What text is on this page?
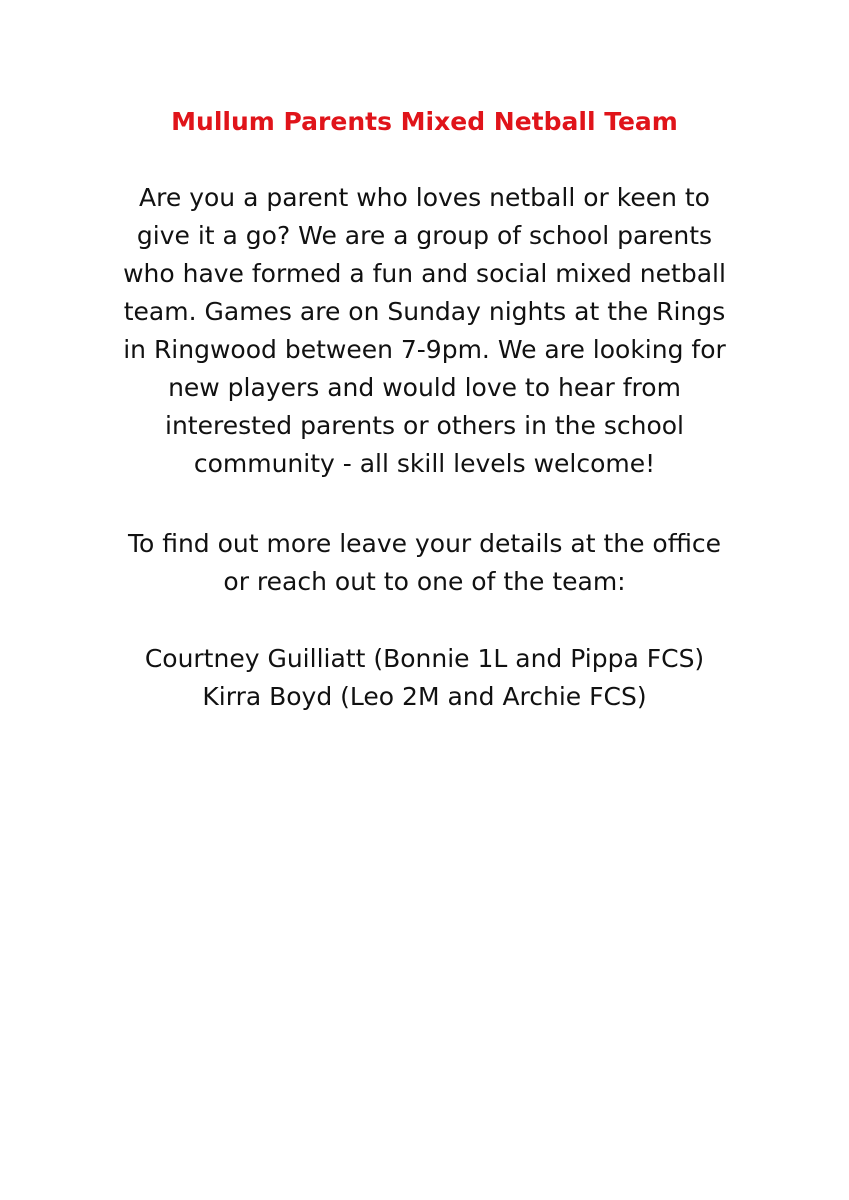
Mullum Parents Mixed Netball Team

Are you a parent who loves netball or keen to
give it a go? We are a group of school parents
who have formed a fun and social mixed netball
team. Games are on Sunday nights at the Rings
in Ringwood between 7-9pm. We are looking for
new players and would love to hear from
interested parents or others in the school
community - all skill levels welcome!

To find out more leave your details at the office
or reach out to one of the team:

Courtney Guilliatt (Bonnie 1L and Pippa FCS)
Kirra Boyd (Leo 2M and Archie FCS)
